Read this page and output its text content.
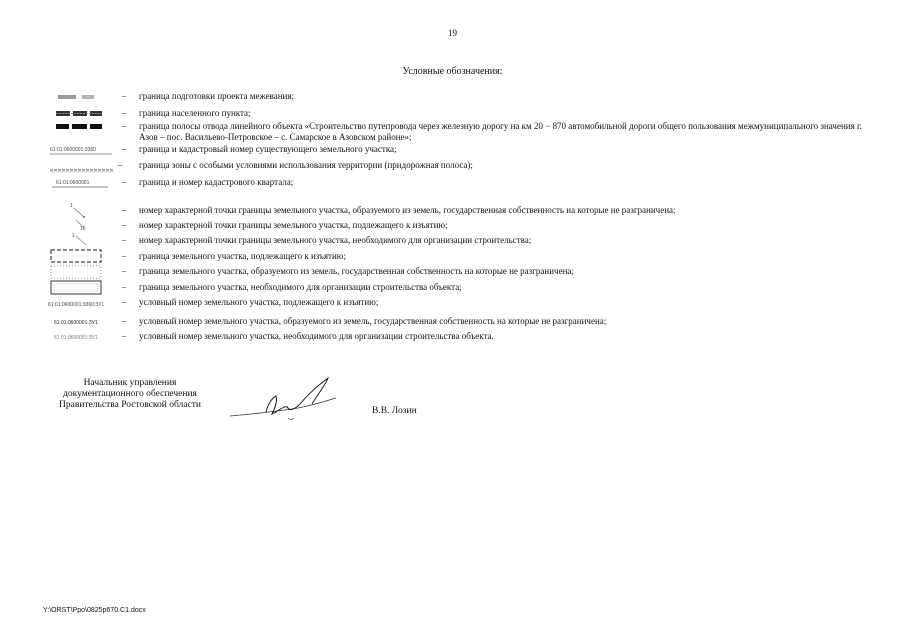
19
Условные обозначения:
–	граница подготовки проекта межевания;
–	граница населенного пункта;
–	граница полосы отвода линейного объекта «Строительство путепровода через железную дорогу на км 20 − 870 автомобильной дороги общего пользования межмуниципального значения г. Азов – пос. Васильево-Петровское – с. Самарское в Азовском районе»;
61:01:0600001:3360	–	граница и кадастровый номер существующего земельного участка;
–	граница зоны с особыми условиями использования территории (придорожная полоса);
61:01:0600001	–	граница и номер кадастрового квартала;
1	–	номер характерной точки границы земельного участка, образуемого из земель, государственная собственность на которые не разграничена;
16	–	номер характерной точки границы земельного участка, подлежащего к изъятию;
1	–	номер характерной точки границы земельного участка, необходимого для организации строительства;
–	граница земельного участка, подлежащего к изъятию;
–	граница земельного участка, образуемого из земель, государственная собственность на которые не разграничена;
–	граница земельного участка, необходимого для организации строительства объекта;
61:01:0600001:3360:ЗУ1	–	условный номер земельного участка, подлежащего к изъятию;
61:01:0600001:ЗУ1	–	условный номер земельного участка, образуемого из земель, государственная собственность на которые не разграничена;
61:01:0600001:ЗУ1	–	условный номер земельного участка, необходимого для организации строительства объекта.
Начальник управления
документационного обеспечения
Правительства Ростовской области
В.В. Лозин
Y:\ORST\Ppo\0825p670.C1.docx
